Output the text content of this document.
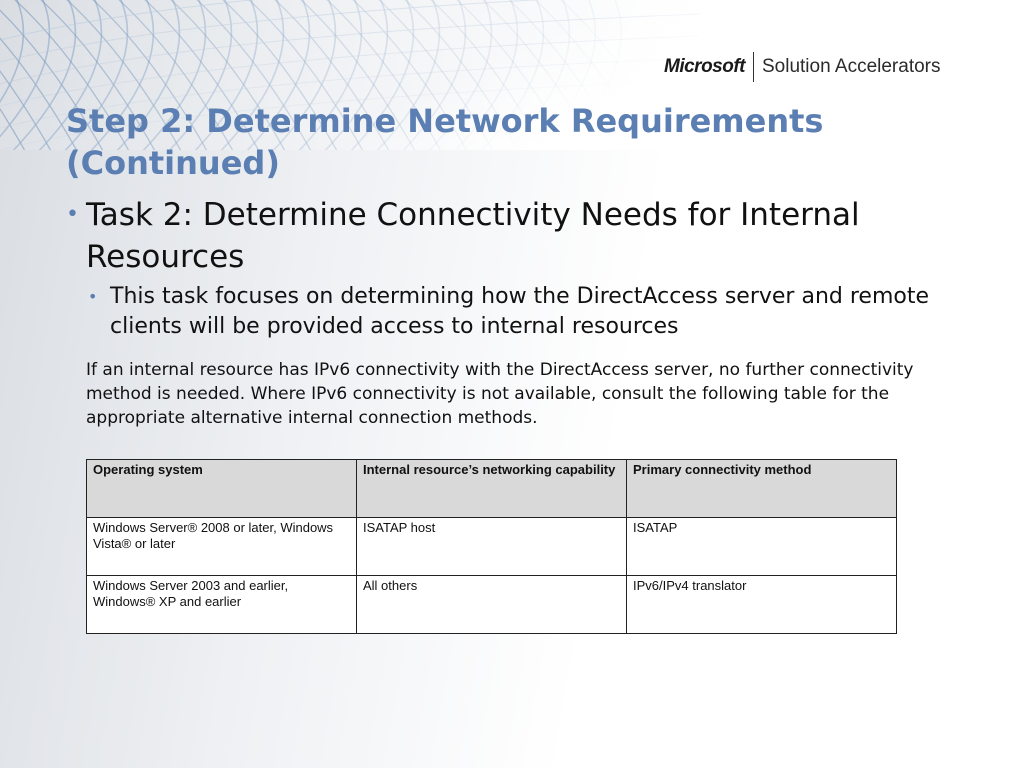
Microsoft Solution Accelerators
Step 2: Determine Network Requirements (Continued)
• Task 2: Determine Connectivity Needs for Internal Resources
• This task focuses on determining how the DirectAccess server and remote clients will be provided access to internal resources

If an internal resource has IPv6 connectivity with the DirectAccess server, no further connectivity method is needed. Where IPv6 connectivity is not available, consult the following table for the appropriate alternative internal connection methods.

Operating system	Internal resource’s networking capability	Primary connectivity method
Windows Server® 2008 or later, Windows Vista® or later	ISATAP host	ISATAP
Windows Server 2003 and earlier, Windows® XP and earlier	All others	IPv6/IPv4 translator
